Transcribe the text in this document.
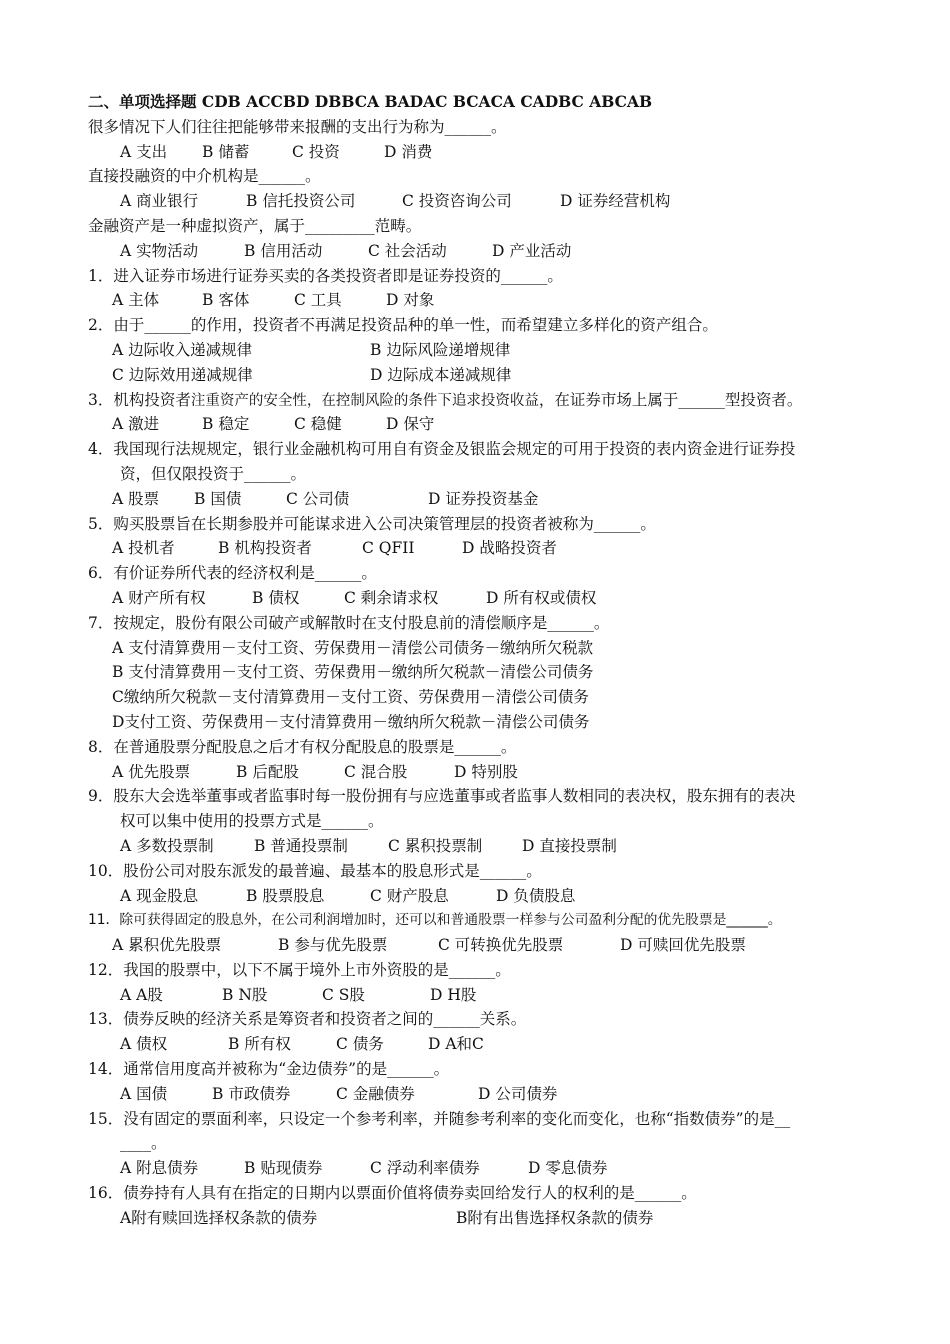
二、单项选择题 CDB ACCBD DBBCA BADAC BCACA CADBC ABCAB
很多情况下人们往往把能够带来报酬的支出行为称为______。
A 支出 B 储蓄	C 投资	D 消费
直接投融资的中介机构是______。
A 商业银行	B 信托投资公司	C 投资咨询公司	D 证券经营机构
金融资产是一种虚拟资产，属于_________范畴。
A 实物活动	B 信用活动	C 社会活动	D 产业活动
1．进入证券市场进行证券买卖的各类投资者即是证券投资的______。
A 主体	B 客体	C 工具	D 对象
2．由于______的作用，投资者不再满足投资品种的单一性，而希望建立多样化的资产组合。
A 边际收入递减规律	B 边际风险递增规律
C 边际效用递减规律	D 边际成本递减规律
3．机构投资者注重资产的安全性，在控制风险的条件下追求投资收益，在证券市场上属于______型投资者。
A 激进	B 稳定	C 稳健	D 保守
4．我国现行法规规定，银行业金融机构可用自有资金及银监会规定的可用于投资的表内资金进行证券投
资，但仅限投资于______。
A 股票 B 国债	C 公司债	D 证券投资基金
5．购买股票旨在长期参股并可能谋求进入公司决策管理层的投资者被称为______。
A 投机者	B 机构投资者	C QFII	D 战略投资者
6．有价证券所代表的经济权利是______。
A 财产所有权	B 债权	C 剩余请求权	D 所有权或债权
7．按规定，股份有限公司破产或解散时在支付股息前的清偿顺序是______。
A 支付清算费用－支付工资、劳保费用－清偿公司债务－缴纳所欠税款
B 支付清算费用－支付工资、劳保费用－缴纳所欠税款－清偿公司债务
C缴纳所欠税款－支付清算费用－支付工资、劳保费用－清偿公司债务
D支付工资、劳保费用－支付清算费用－缴纳所欠税款－清偿公司债务
8．在普通股票分配股息之后才有权分配股息的股票是______。
A 优先股票	B 后配股	C 混合股	D 特别股
9．股东大会选举董事或者监事时每一股份拥有与应选董事或者监事人数相同的表决权，股东拥有的表决
权可以集中使用的投票方式是______。
A 多数投票制	B 普通投票制	C 累积投票制	D 直接投票制
10．股份公司对股东派发的最普遍、最基本的股息形式是______。
A 现金股息	B 股票股息	C 财产股息	D 负债股息
11．除可获得固定的股息外，在公司利润增加时，还可以和普通股票一样参与公司盈利分配的优先股票是______。
A 累积优先股票	B 参与优先股票	C 可转换优先股票	D 可赎回优先股票
12．我国的股票中，以下不属于境外上市外资股的是______。
A A股	B N股	C S股	D H股
13．债券反映的经济关系是筹资者和投资者之间的______关系。
A 债权	B 所有权	C 债务	D A和C
14．通常信用度高并被称为“金边债券”的是______。
A 国债	B 市政债券	C 金融债券	D 公司债券
15．没有固定的票面利率，只设定一个参考利率，并随参考利率的变化而变化，也称“指数债券”的是__
____。
A 附息债券	B 贴现债券	C 浮动利率债券	D 零息债券
16．债券持有人具有在指定的日期内以票面价值将债券卖回给发行人的权利的是______。
A附有赎回选择权条款的债券	B附有出售选择权条款的债券
